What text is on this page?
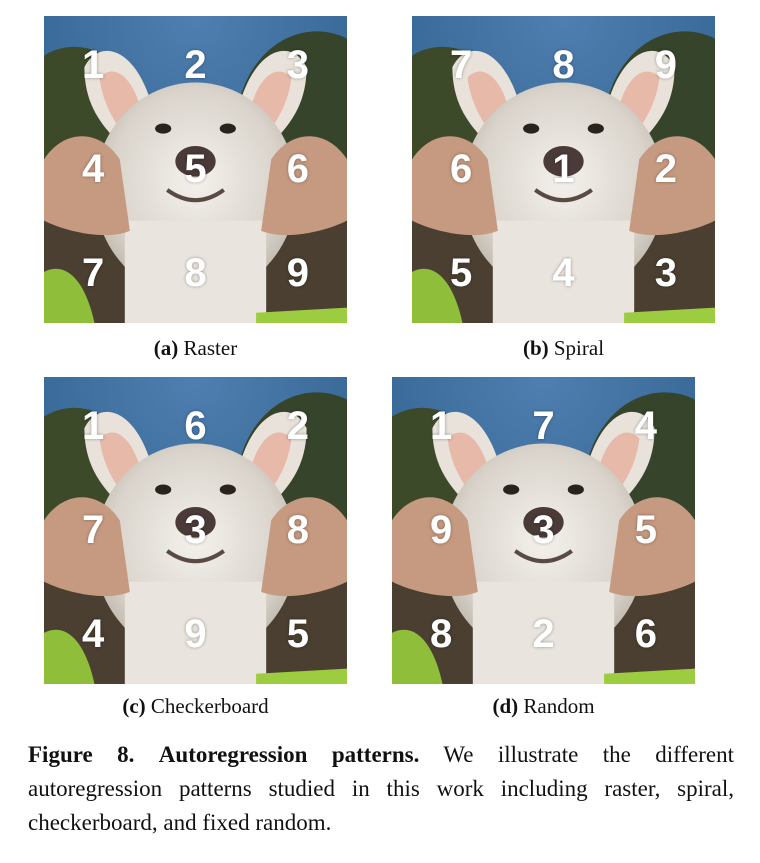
1 2 3
4 5 6
7 8 9
(a) Raster
7 8 9
6 1 2
5 4 3
(b) Spiral
1 6 2
7 3 8
4 9 5
(c) Checkerboard
1 7 4
9 3 5
8 2 6
(d) Random
Figure 8. Autoregression patterns. We illustrate the different autoregression patterns studied in this work including raster, spiral, checkerboard, and fixed random.
